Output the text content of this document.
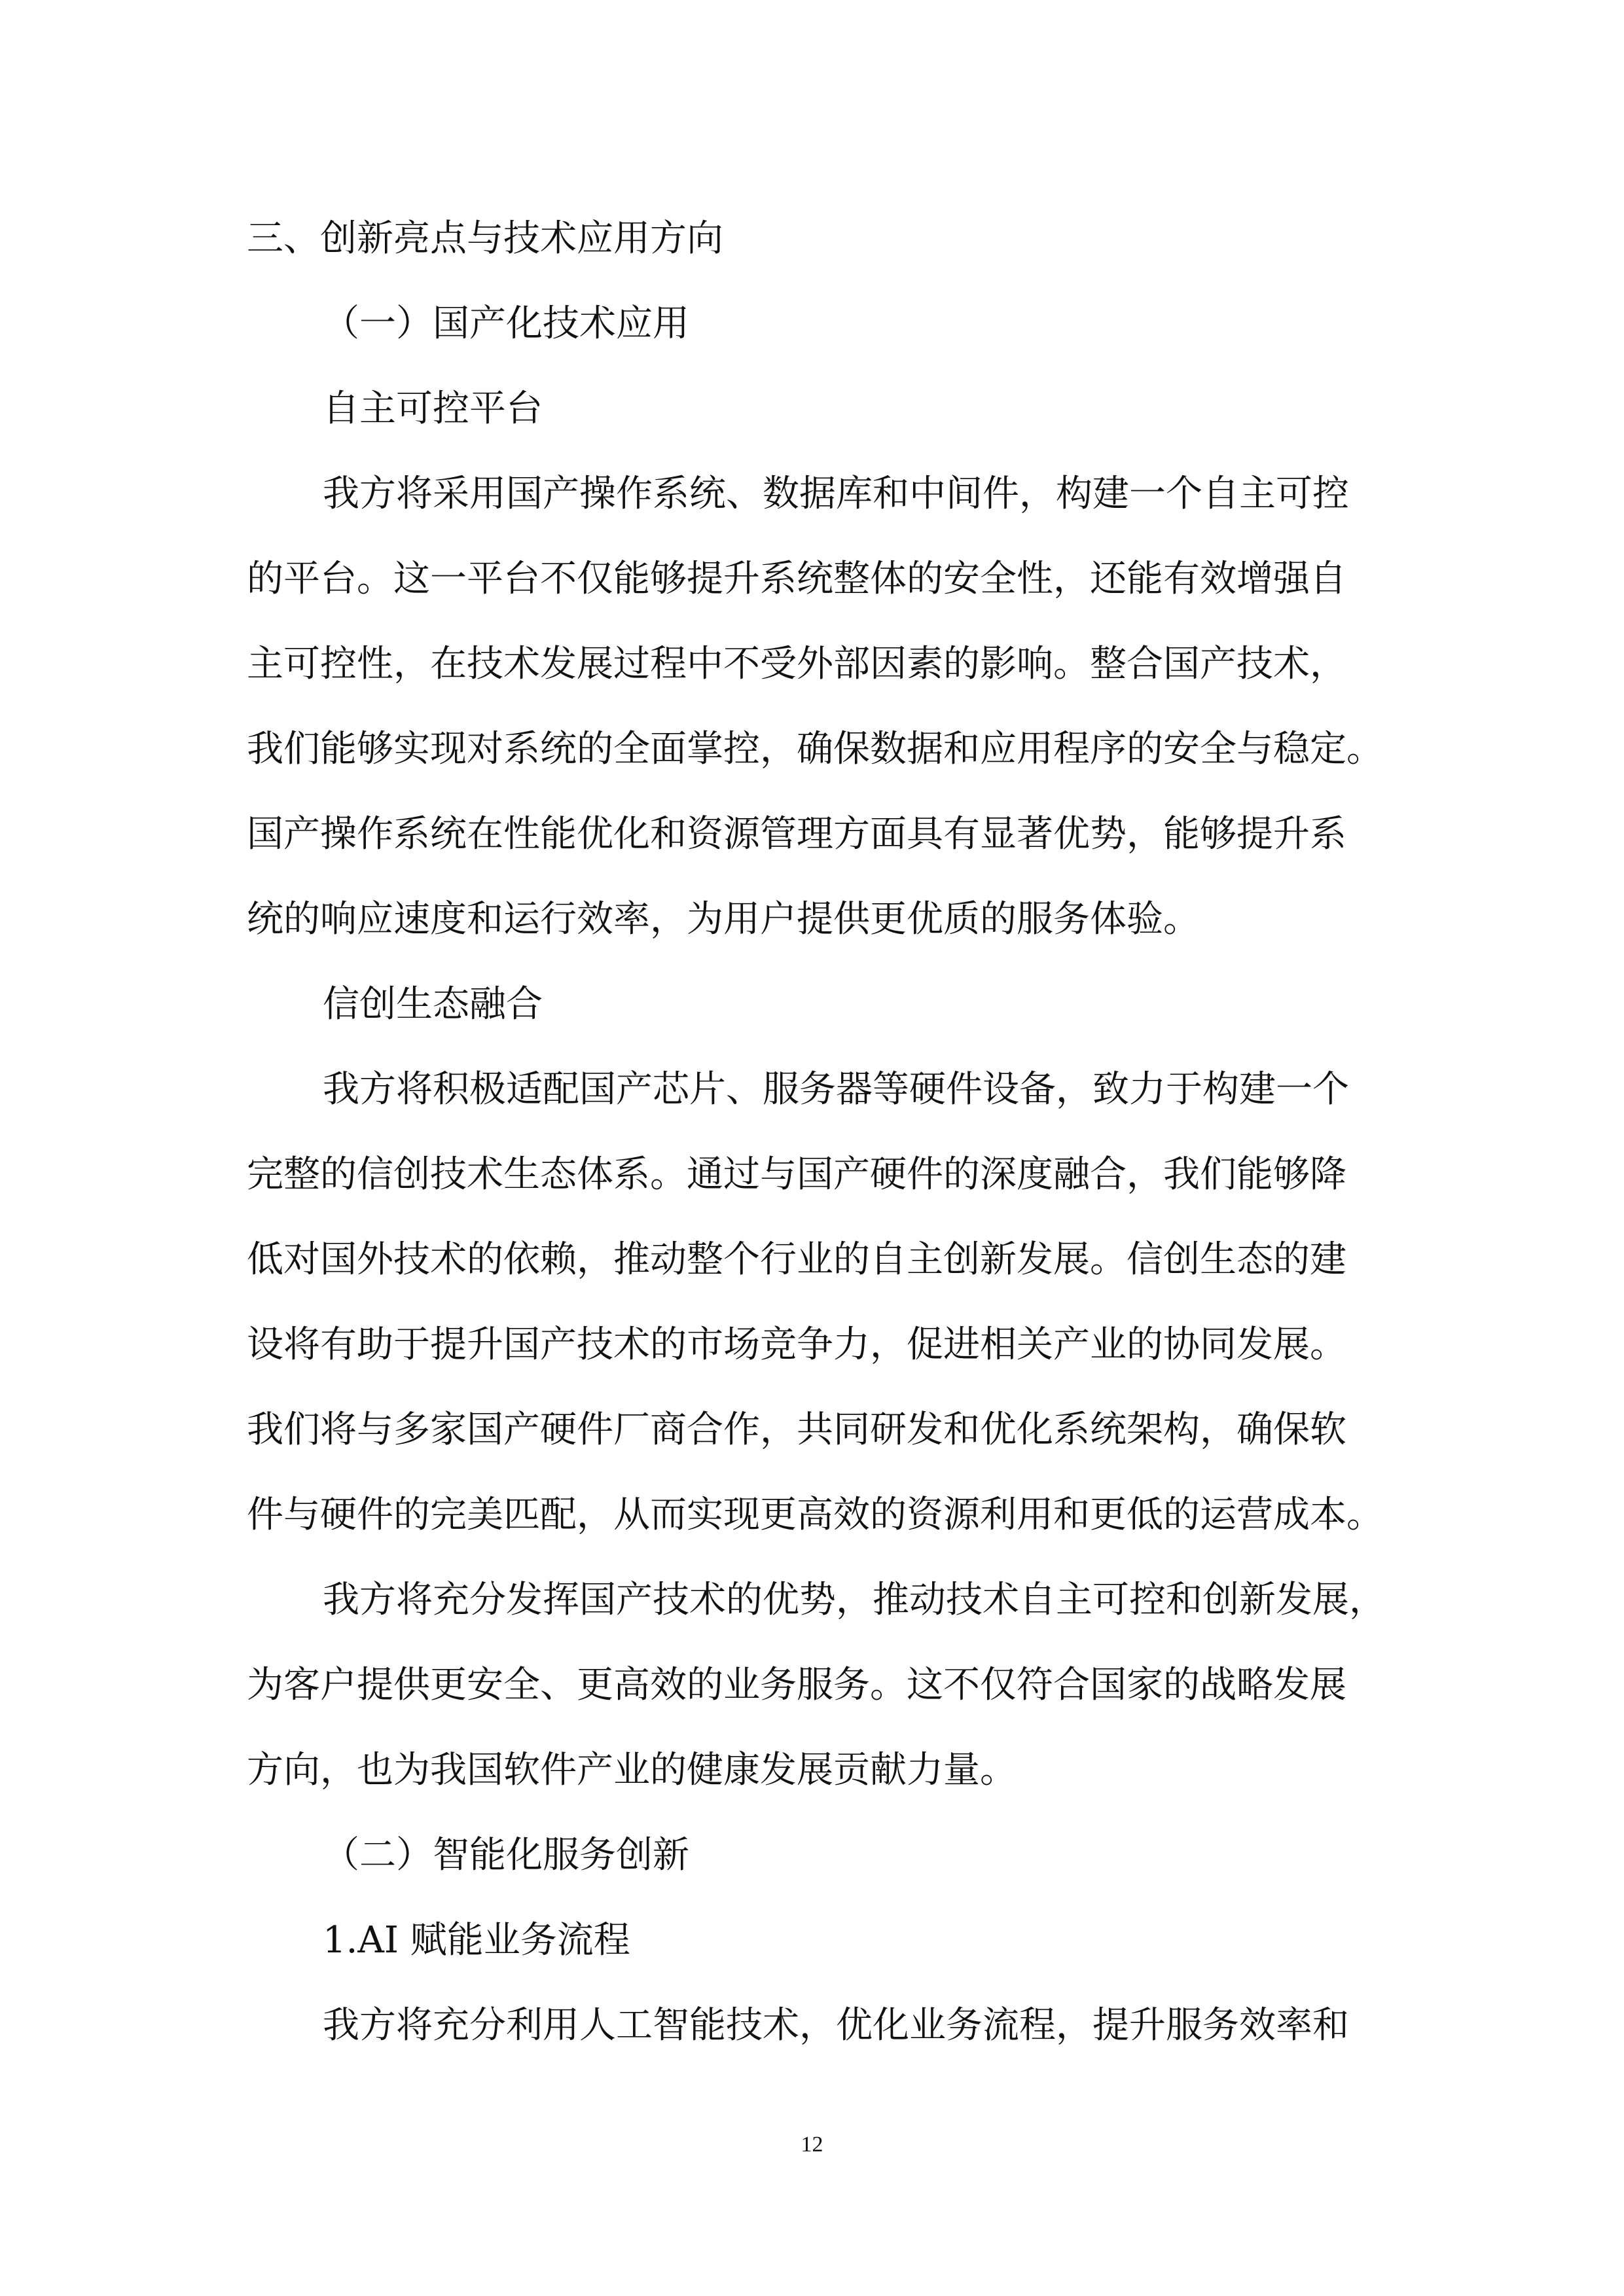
三、创新亮点与技术应用方向
（一）国产化技术应用
自主可控平台
我方将采用国产操作系统、数据库和中间件，构建一个自主可控
的平台。这一平台不仅能够提升系统整体的安全性，还能有效增强自
主可控性，在技术发展过程中不受外部因素的影响。整合国产技术，
我们能够实现对系统的全面掌控，确保数据和应用程序的安全与稳定。
国产操作系统在性能优化和资源管理方面具有显著优势，能够提升系
统的响应速度和运行效率，为用户提供更优质的服务体验。
信创生态融合
我方将积极适配国产芯片、服务器等硬件设备，致力于构建一个
完整的信创技术生态体系。通过与国产硬件的深度融合，我们能够降
低对国外技术的依赖，推动整个行业的自主创新发展。信创生态的建
设将有助于提升国产技术的市场竞争力，促进相关产业的协同发展。
我们将与多家国产硬件厂商合作，共同研发和优化系统架构，确保软
件与硬件的完美匹配，从而实现更高效的资源利用和更低的运营成本。
我方将充分发挥国产技术的优势，推动技术自主可控和创新发展，
为客户提供更安全、更高效的业务服务。这不仅符合国家的战略发展
方向，也为我国软件产业的健康发展贡献力量。
（二）智能化服务创新
1.AI 赋能业务流程
我方将充分利用人工智能技术，优化业务流程，提升服务效率和
12
